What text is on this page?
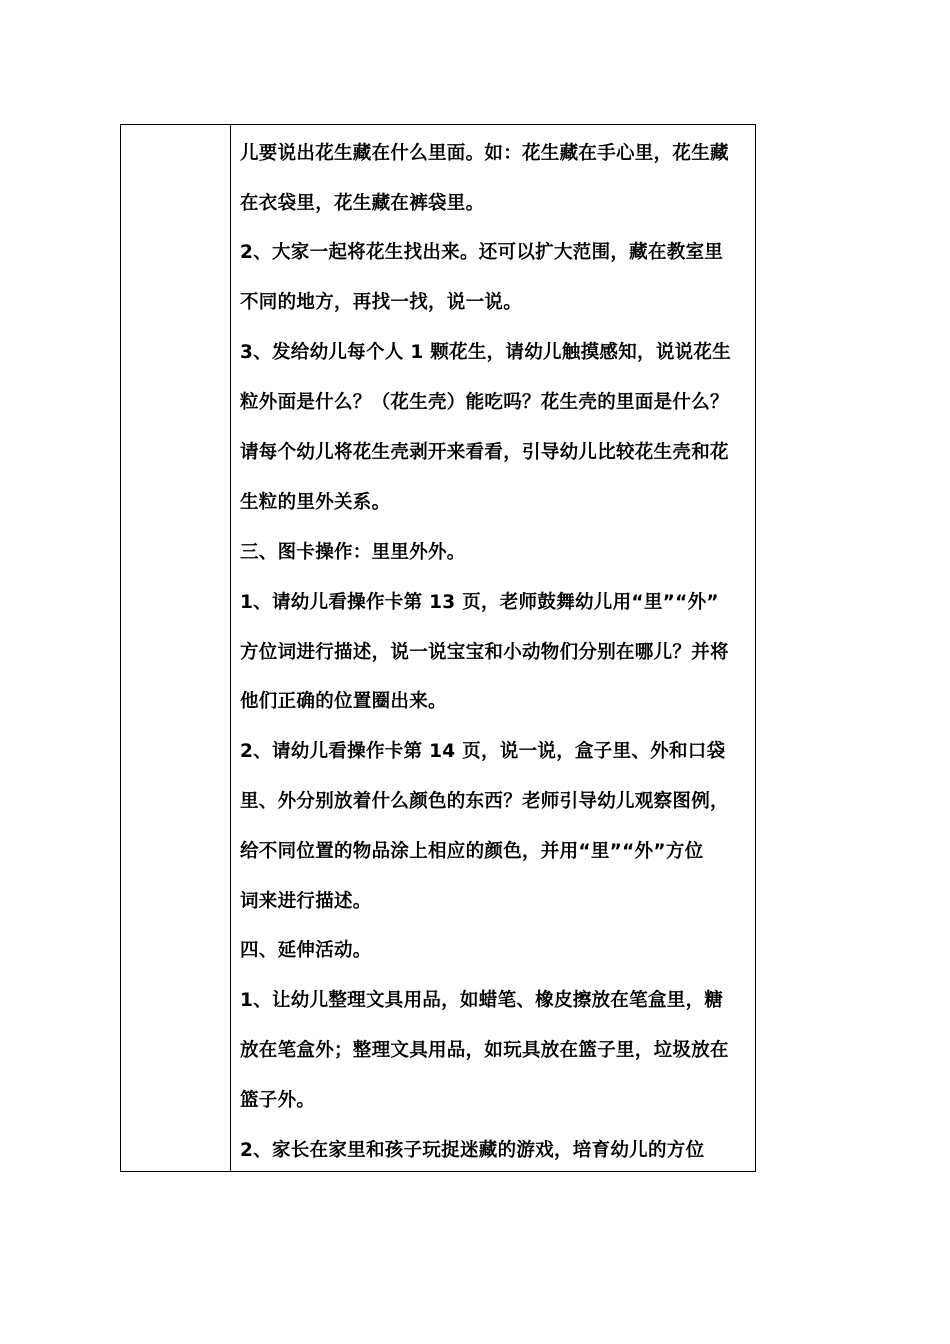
儿要说出花生藏在什么里面。如：花生藏在手心里，花生藏
在衣袋里，花生藏在裤袋里。
2、大家一起将花生找出来。还可以扩大范围，藏在教室里
不同的地方，再找一找，说一说。
3、发给幼儿每个人 1 颗花生，请幼儿触摸感知，说说花生
粒外面是什么？（花生壳）能吃吗？花生壳的里面是什么？
请每个幼儿将花生壳剥开来看看，引导幼儿比较花生壳和花
生粒的里外关系。
三、图卡操作：里里外外。
1、请幼儿看操作卡第 13 页，老师鼓舞幼儿用“里”“外”
方位词进行描述，说一说宝宝和小动物们分别在哪儿？并将
他们正确的位置圈出来。
2、请幼儿看操作卡第 14 页，说一说，盒子里、外和口袋
里、外分别放着什么颜色的东西？老师引导幼儿观察图例，
给不同位置的物品涂上相应的颜色，并用“里”“外”方位
词来进行描述。
四、延伸活动。
1、让幼儿整理文具用品，如蜡笔、橡皮擦放在笔盒里，糖
放在笔盒外；整理文具用品，如玩具放在篮子里，垃圾放在
篮子外。
2、家长在家里和孩子玩捉迷藏的游戏，培育幼儿的方位
